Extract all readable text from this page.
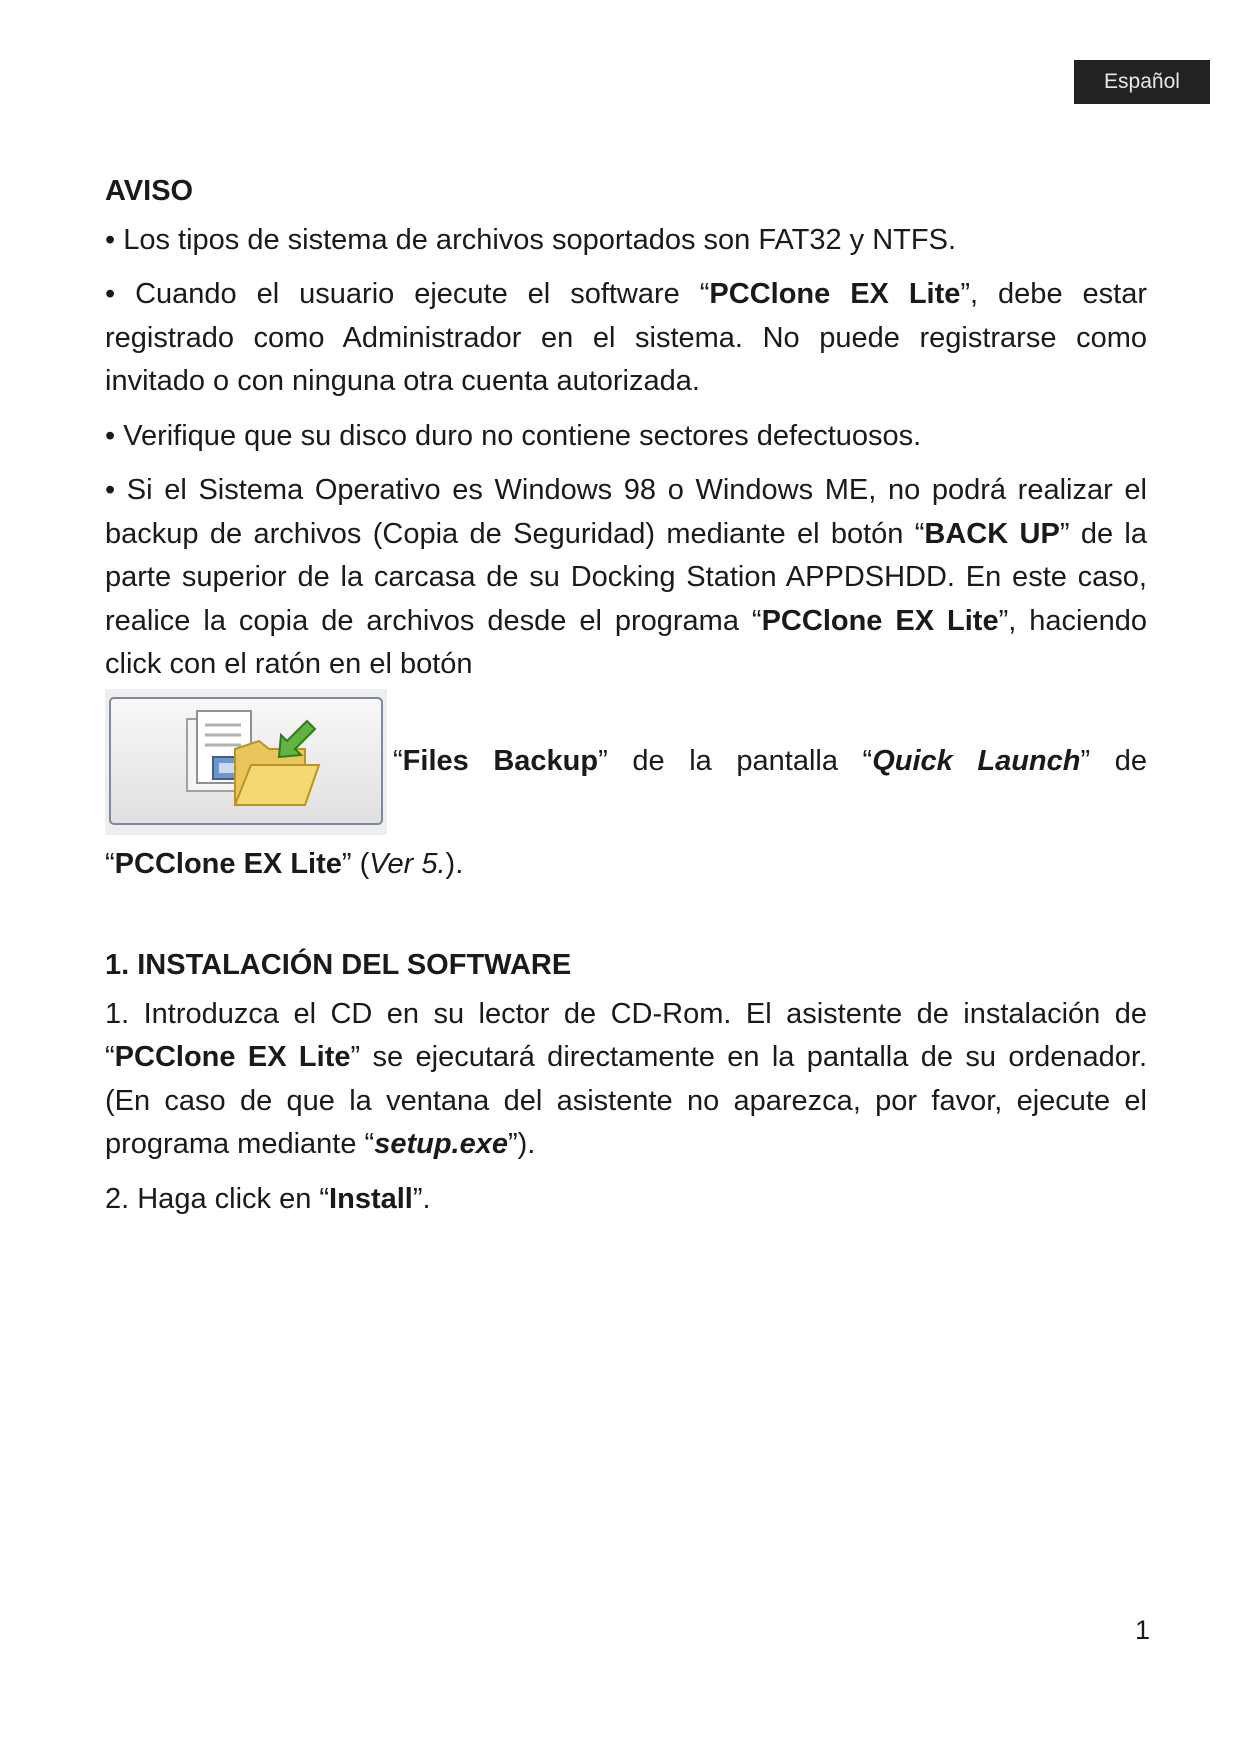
Español
AVISO

• Los tipos de sistema de archivos soportados son FAT32 y NTFS.

• Cuando el usuario ejecute el software “PCClone EX Lite”, debe estar registrado como Administrador en el sistema. No puede registrarse como invitado o con ninguna otra cuenta autorizada.

• Verifique que su disco duro no contiene sectores defectuosos.

• Si el Sistema Operativo es Windows 98 o Windows ME, no podrá realizar el backup de archivos (Copia de Seguridad) mediante el botón “BACK UP” de la parte superior de la carcasa de su Docking Station APPDSHDD. En este caso, realice la copia de archivos desde el programa “PCClone EX Lite”, haciendo click con el ratón en el botón

“Files Backup” de la pantalla “Quick Launch” de

“PCClone EX Lite” (Ver 5.).

1. INSTALACIÓN DEL SOFTWARE

1. Introduzca el CD en su lector de CD-Rom. El asistente de instalación de “PCClone EX Lite” se ejecutará directamente en la pantalla de su ordenador. (En caso de que la ventana del asistente no aparezca, por favor, ejecute el programa mediante “setup.exe”).

2. Haga click en “Install”.

1
